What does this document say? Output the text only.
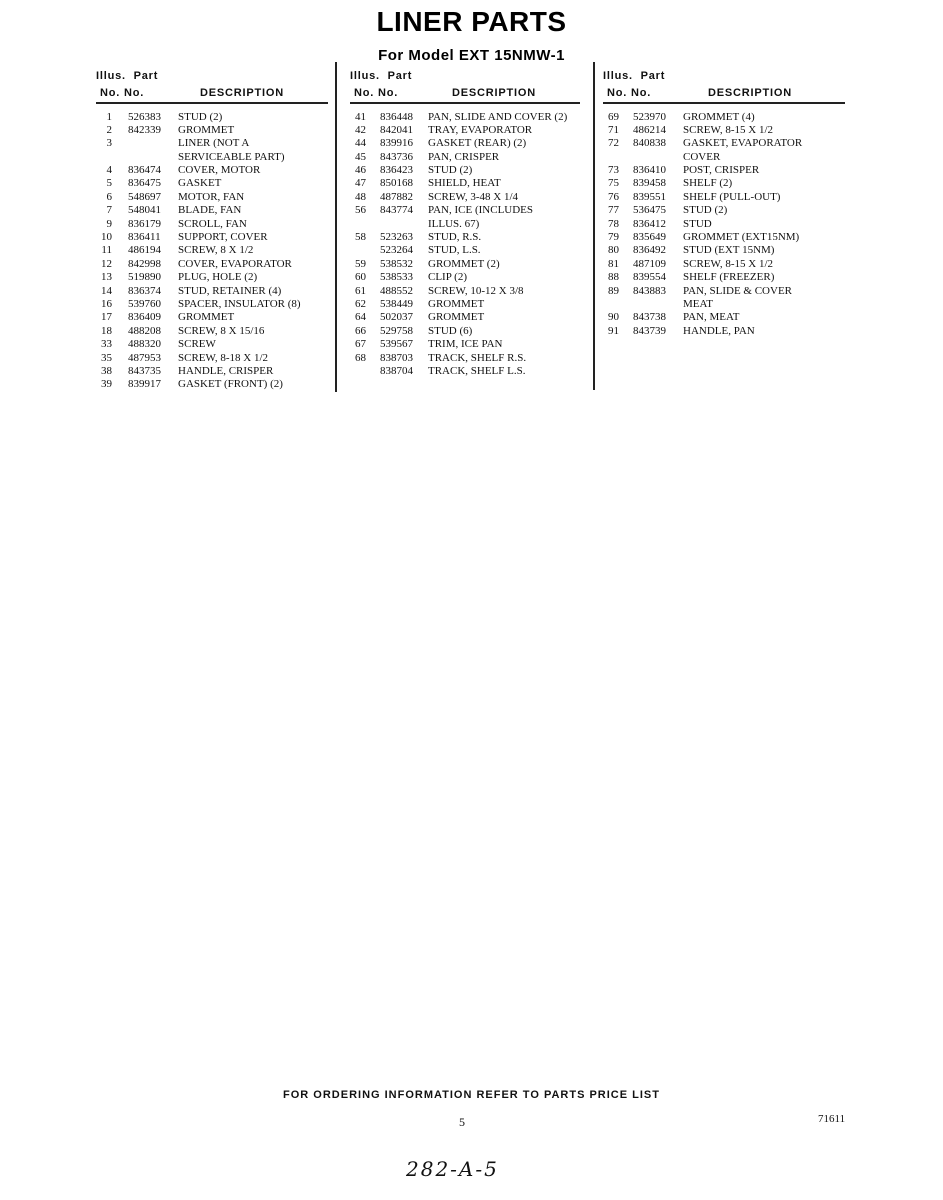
LINER PARTS
For Model EXT 15NMW-1
Illus. Part
No. No.	DESCRIPTION
1 526383 STUD (2)
2 842339 GROMMET
3	LINER (NOT A
SERVICEABLE PART)
4 836474 COVER, MOTOR
5 836475 GASKET
6 548697 MOTOR, FAN
7 548041 BLADE, FAN
9 836179 SCROLL, FAN
10 836411 SUPPORT, COVER
11 486194 SCREW, 8 X 1/2
12 842998 COVER, EVAPORATOR
13 519890 PLUG, HOLE (2)
14 836374 STUD, RETAINER (4)
16 539760 SPACER, INSULATOR (8)
17 836409 GROMMET
18 488208 SCREW, 8 X 15/16
33 488320 SCREW
35 487953 SCREW, 8-18 X 1/2
38 843735 HANDLE, CRISPER
39 839917 GASKET (FRONT) (2)
Illus. Part
No. No.	DESCRIPTION
41 836448 PAN, SLIDE AND COVER (2)
42 842041 TRAY, EVAPORATOR
44 839916 GASKET (REAR) (2)
45 843736 PAN, CRISPER
46 836423 STUD (2)
47 850168 SHIELD, HEAT
48 487882 SCREW, 3-48 X 1/4
56 843774 PAN, ICE (INCLUDES
ILLUS. 67)
58 523263 STUD, R.S.
523264 STUD, L.S.
59 538532 GROMMET (2)
60 538533 CLIP (2)
61 488552 SCREW, 10-12 X 3/8
62 538449 GROMMET
64 502037 GROMMET
66 529758 STUD (6)
67 539567 TRIM, ICE PAN
68 838703 TRACK, SHELF R.S.
838704 TRACK, SHELF L.S.
Illus. Part
No. No.	DESCRIPTION
69 523970 GROMMET (4)
71 486214 SCREW, 8-15 X 1/2
72 840838 GASKET, EVAPORATOR
COVER
73 836410 POST, CRISPER
75 839458 SHELF (2)
76 839551 SHELF (PULL-OUT)
77 536475 STUD (2)
78 836412 STUD
79 835649 GROMMET (EXT15NM)
80 836492 STUD (EXT 15NM)
81 487109 SCREW, 8-15 X 1/2
88 839554 SHELF (FREEZER)
89 843883 PAN, SLIDE & COVER
MEAT
90 843738 PAN, MEAT
91 843739 HANDLE, PAN
FOR ORDERING INFORMATION REFER TO PARTS PRICE LIST
5	71611
282-A-5
